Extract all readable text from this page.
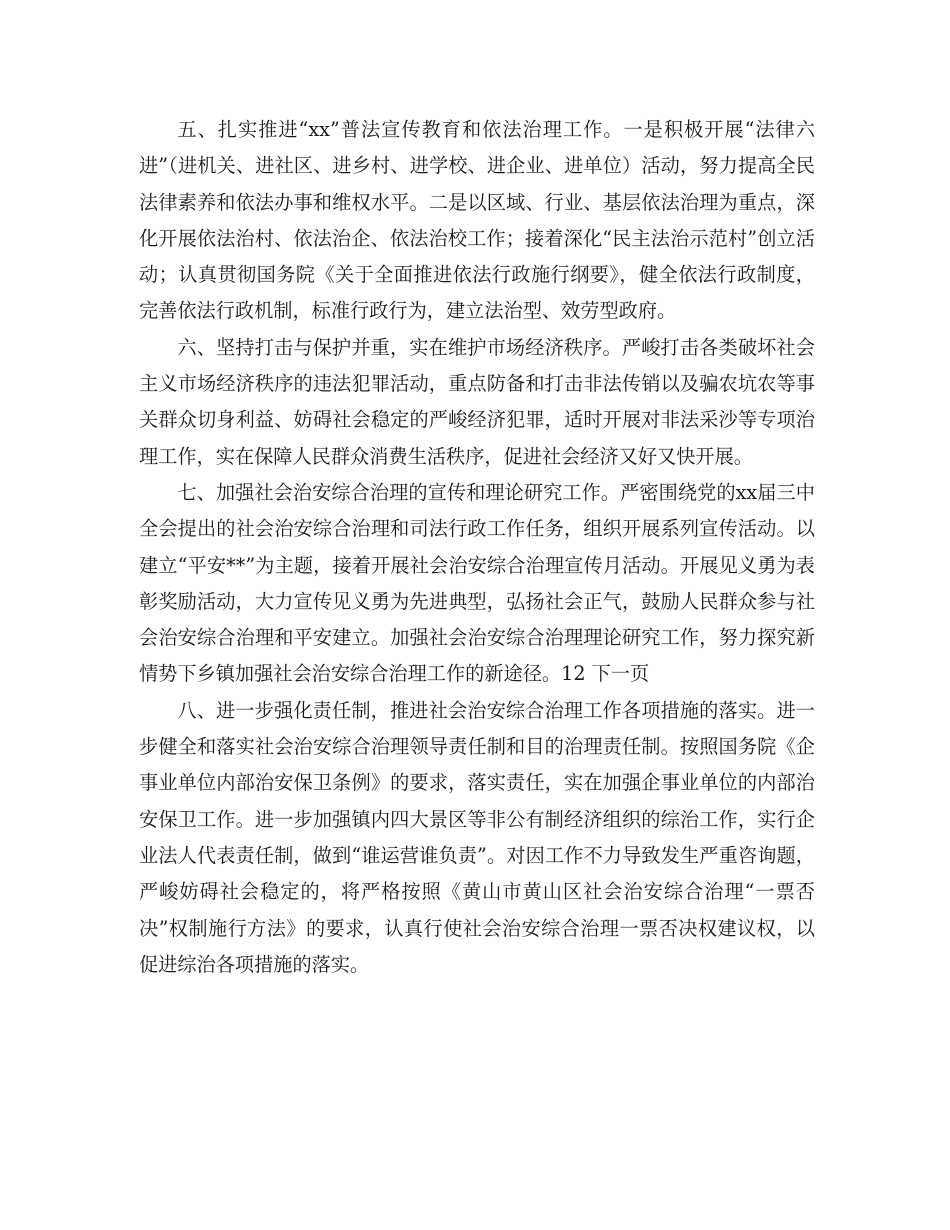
五、扎实推进“xx”普法宣传教育和依法治理工作。一是积极开展“法律六进”（进机关、进社区、进乡村、进学校、进企业、进单位）活动，努力提高全民法律素养和依法办事和维权水平。二是以区域、行业、基层依法治理为重点，深化开展依法治村、依法治企、依法治校工作；接着深化“民主法治示范村”创立活动；认真贯彻国务院《关于全面推进依法行政施行纲要》，健全依法行政制度，完善依法行政机制，标准行政行为，建立法治型、效劳型政府。

六、坚持打击与保护并重，实在维护市场经济秩序。严峻打击各类破坏社会主义市场经济秩序的违法犯罪活动，重点防备和打击非法传销以及骗农坑农等事关群众切身利益、妨碍社会稳定的严峻经济犯罪，适时开展对非法采沙等专项治理工作，实在保障人民群众消费生活秩序，促进社会经济又好又快开展。

七、加强社会治安综合治理的宣传和理论研究工作。严密围绕党的xx届三中全会提出的社会治安综合治理和司法行政工作任务，组织开展系列宣传活动。以建立“平安**”为主题，接着开展社会治安综合治理宣传月活动。开展见义勇为表彰奖励活动，大力宣传见义勇为先进典型，弘扬社会正气，鼓励人民群众参与社会治安综合治理和平安建立。加强社会治安综合治理理论研究工作，努力探究新情势下乡镇加强社会治安综合治理工作的新途径。12 下一页

八、进一步强化责任制，推进社会治安综合治理工作各项措施的落实。进一步健全和落实社会治安综合治理领导责任制和目的治理责任制。按照国务院《企事业单位内部治安保卫条例》的要求，落实责任，实在加强企事业单位的内部治安保卫工作。进一步加强镇内四大景区等非公有制经济组织的综治工作，实行企业法人代表责任制，做到“谁运营谁负责”。对因工作不力导致发生严重咨询题，严峻妨碍社会稳定的，将严格按照《黄山市黄山区社会治安综合治理“一票否决”权制施行方法》的要求，认真行使社会治安综合治理一票否决权建议权，以促进综治各项措施的落实。
